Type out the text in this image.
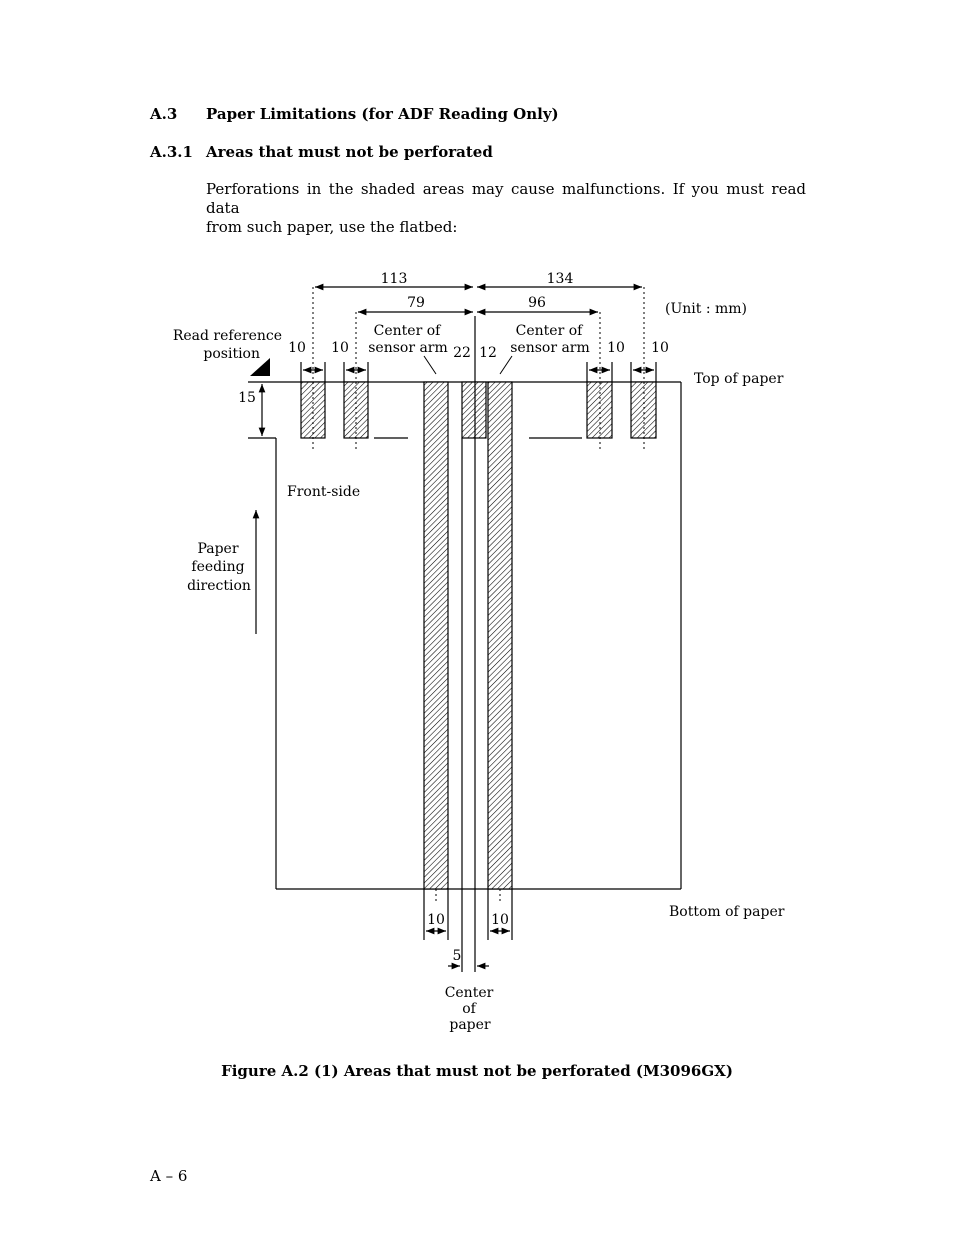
A.3 Paper Limitations (for ADF Reading Only)
A.3.1 Areas that must not be perforated
Perforations in the shaded areas may cause malfunctions. If you must read data
from such paper, use the flatbed:
113	134
79	96	(Unit : mm)
Read reference
position 10 10
Center of
sensor arm 22 12
Center of
sensor arm 10 10
Top of paper
15
Front-side
Paper
feeding
direction
Bottom of paper
10	10
5
Center
of
paper
Figure A.2 (1) Areas that must not be perforated (M3096GX)
A – 6
